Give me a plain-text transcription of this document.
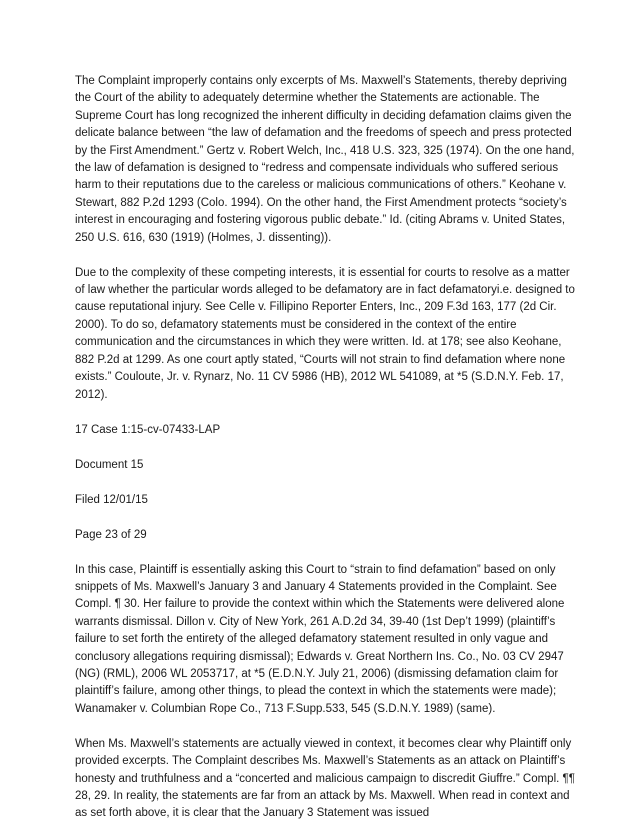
The Complaint improperly contains only excerpts of Ms. Maxwell’s Statements, thereby depriving the Court of the ability to adequately determine whether the Statements are actionable. The Supreme Court has long recognized the inherent difficulty in deciding defamation claims given the delicate balance between “the law of defamation and the freedoms of speech and press protected by the First Amendment.” Gertz v. Robert Welch, Inc., 418 U.S. 323, 325 (1974). On the one hand, the law of defamation is designed to “redress and compensate individuals who suffered serious harm to their reputations due to the careless or malicious communications of others.” Keohane v. Stewart, 882 P.2d 1293 (Colo. 1994). On the other hand, the First Amendment protects “society’s interest in encouraging and fostering vigorous public debate.” Id. (citing Abrams v. United States, 250 U.S. 616, 630 (1919) (Holmes, J. dissenting)).

Due to the complexity of these competing interests, it is essential for courts to resolve as a matter of law whether the particular words alleged to be defamatory are in fact defamatoryi.e. designed to cause reputational injury. See Celle v. Fillipino Reporter Enters, Inc., 209 F.3d 163, 177 (2d Cir. 2000). To do so, defamatory statements must be considered in the context of the entire communication and the circumstances in which they were written. Id. at 178; see also Keohane, 882 P.2d at 1299. As one court aptly stated, “Courts will not strain to find defamation where none exists.” Couloute, Jr. v. Rynarz, No. 11 CV 5986 (HB), 2012 WL 541089, at *5 (S.D.N.Y. Feb. 17, 2012).

17 Case 1:15-cv-07433-LAP

Document 15

Filed 12/01/15

Page 23 of 29

In this case, Plaintiff is essentially asking this Court to “strain to find defamation” based on only snippets of Ms. Maxwell’s January 3 and January 4 Statements provided in the Complaint. See Compl. ¶ 30. Her failure to provide the context within which the Statements were delivered alone warrants dismissal. Dillon v. City of New York, 261 A.D.2d 34, 39-40 (1st Dep’t 1999) (plaintiff’s failure to set forth the entirety of the alleged defamatory statement resulted in only vague and conclusory allegations requiring dismissal); Edwards v. Great Northern Ins. Co., No. 03 CV 2947 (NG) (RML), 2006 WL 2053717, at *5 (E.D.N.Y. July 21, 2006) (dismissing defamation claim for plaintiff’s failure, among other things, to plead the context in which the statements were made); Wanamaker v. Columbian Rope Co., 713 F.Supp.533, 545 (S.D.N.Y. 1989) (same).

When Ms. Maxwell’s statements are actually viewed in context, it becomes clear why Plaintiff only provided excerpts. The Complaint describes Ms. Maxwell’s Statements as an attack on Plaintiff’s honesty and truthfulness and a “concerted and malicious campaign to discredit Giuffre.” Compl. ¶¶ 28, 29. In reality, the statements are far from an attack by Ms. Maxwell. When read in context and as set forth above, it is clear that the January 3 Statement was issued
